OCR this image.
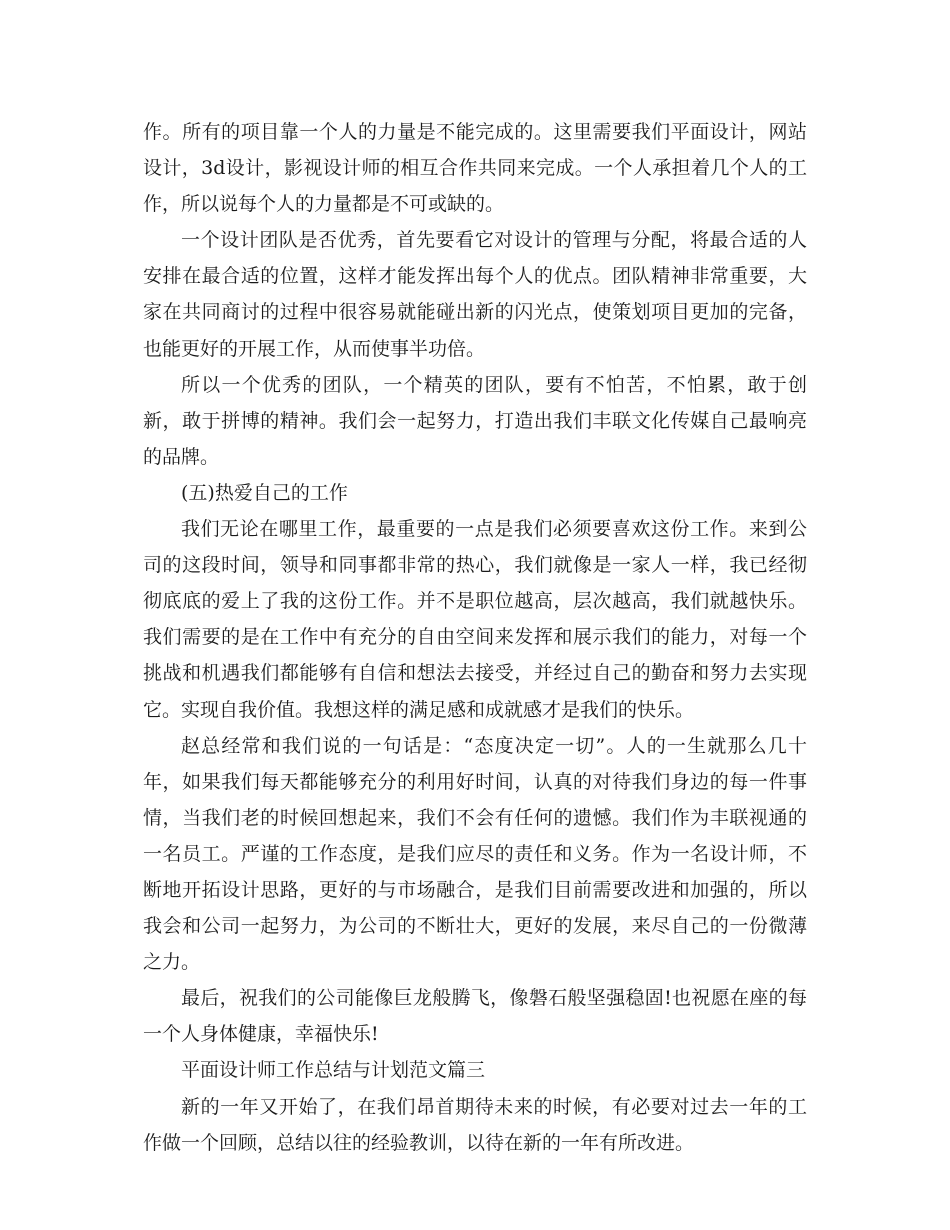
作。所有的项目靠一个人的力量是不能完成的。这里需要我们平面设计，网站设计，3d设计，影视设计师的相互合作共同来完成。一个人承担着几个人的工作，所以说每个人的力量都是不可或缺的。

一个设计团队是否优秀，首先要看它对设计的管理与分配，将最合适的人安排在最合适的位置，这样才能发挥出每个人的优点。团队精神非常重要，大家在共同商讨的过程中很容易就能碰出新的闪光点，使策划项目更加的完备，也能更好的开展工作，从而使事半功倍。

所以一个优秀的团队，一个精英的团队，要有不怕苦，不怕累，敢于创新，敢于拼博的精神。我们会一起努力，打造出我们丰联文化传媒自己最响亮的品牌。

(五)热爱自己的工作

我们无论在哪里工作，最重要的一点是我们必须要喜欢这份工作。来到公司的这段时间，领导和同事都非常的热心，我们就像是一家人一样，我已经彻彻底底的爱上了我的这份工作。并不是职位越高，层次越高，我们就越快乐。我们需要的是在工作中有充分的自由空间来发挥和展示我们的能力，对每一个挑战和机遇我们都能够有自信和想法去接受，并经过自己的勤奋和努力去实现它。实现自我价值。我想这样的满足感和成就感才是我们的快乐。

赵总经常和我们说的一句话是：“态度决定一切”。人的一生就那么几十年，如果我们每天都能够充分的利用好时间，认真的对待我们身边的每一件事情，当我们老的时候回想起来，我们不会有任何的遗憾。我们作为丰联视通的一名员工。严谨的工作态度，是我们应尽的责任和义务。作为一名设计师，不断地开拓设计思路，更好的与市场融合，是我们目前需要改进和加强的，所以我会和公司一起努力，为公司的不断壮大，更好的发展，来尽自己的一份微薄之力。

最后，祝我们的公司能像巨龙般腾飞，像磐石般坚强稳固!也祝愿在座的每一个人身体健康，幸福快乐!

平面设计师工作总结与计划范文篇三

新的一年又开始了，在我们昂首期待未来的时候，有必要对过去一年的工作做一个回顾，总结以往的经验教训，以待在新的一年有所改进。
